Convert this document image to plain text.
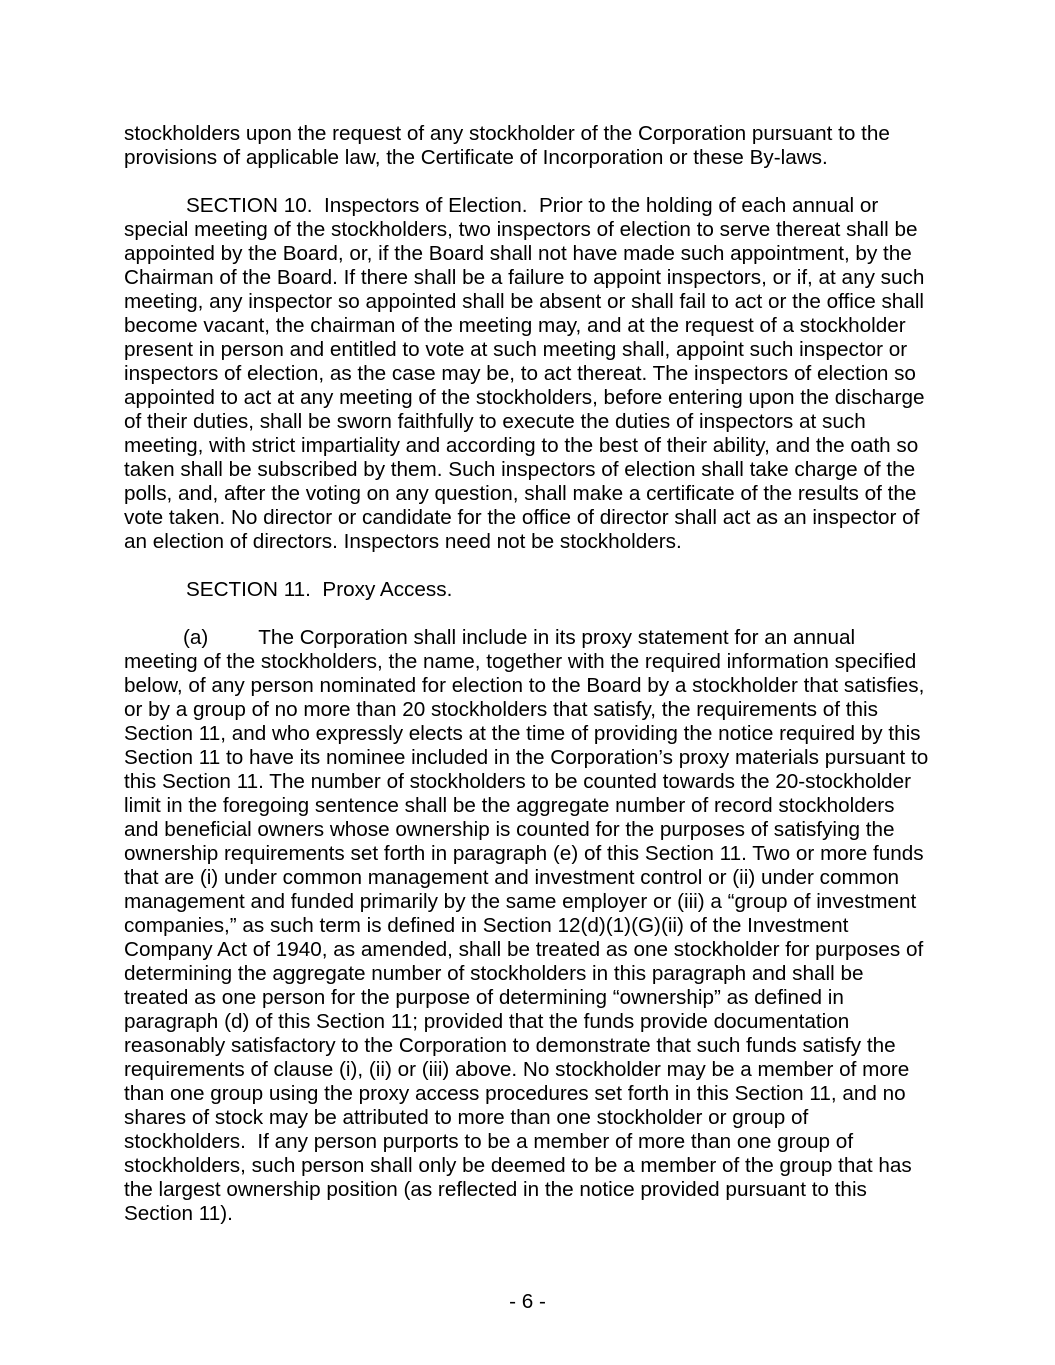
stockholders upon the request of any stockholder of the Corporation pursuant to the provisions of applicable law, the Certificate of Incorporation or these By-laws.

SECTION 10.  Inspectors of Election.  Prior to the holding of each annual or special meeting of the stockholders, two inspectors of election to serve thereat shall be appointed by the Board, or, if the Board shall not have made such appointment, by the Chairman of the Board. If there shall be a failure to appoint inspectors, or if, at any such meeting, any inspector so appointed shall be absent or shall fail to act or the office shall become vacant, the chairman of the meeting may, and at the request of a stockholder present in person and entitled to vote at such meeting shall, appoint such inspector or inspectors of election, as the case may be, to act thereat. The inspectors of election so appointed to act at any meeting of the stockholders, before entering upon the discharge of their duties, shall be sworn faithfully to execute the duties of inspectors at such meeting, with strict impartiality and according to the best of their ability, and the oath so taken shall be subscribed by them. Such inspectors of election shall take charge of the polls, and, after the voting on any question, shall make a certificate of the results of the vote taken. No director or candidate for the office of director shall act as an inspector of an election of directors. Inspectors need not be stockholders.

SECTION 11.  Proxy Access.

(a) The Corporation shall include in its proxy statement for an annual meeting of the stockholders, the name, together with the required information specified below, of any person nominated for election to the Board by a stockholder that satisfies, or by a group of no more than 20 stockholders that satisfy, the requirements of this Section 11, and who expressly elects at the time of providing the notice required by this Section 11 to have its nominee included in the Corporation’s proxy materials pursuant to this Section 11. The number of stockholders to be counted towards the 20-stockholder limit in the foregoing sentence shall be the aggregate number of record stockholders and beneficial owners whose ownership is counted for the purposes of satisfying the ownership requirements set forth in paragraph (e) of this Section 11. Two or more funds that are (i) under common management and investment control or (ii) under common management and funded primarily by the same employer or (iii) a “group of investment companies,” as such term is defined in Section 12(d)(1)(G)(ii) of the Investment Company Act of 1940, as amended, shall be treated as one stockholder for purposes of determining the aggregate number of stockholders in this paragraph and shall be treated as one person for the purpose of determining “ownership” as defined in paragraph (d) of this Section 11; provided that the funds provide documentation reasonably satisfactory to the Corporation to demonstrate that such funds satisfy the requirements of clause (i), (ii) or (iii) above. No stockholder may be a member of more than one group using the proxy access procedures set forth in this Section 11, and no shares of stock may be attributed to more than one stockholder or group of stockholders.  If any person purports to be a member of more than one group of stockholders, such person shall only be deemed to be a member of the group that has the largest ownership position (as reflected in the notice provided pursuant to this Section 11).

- 6 -
